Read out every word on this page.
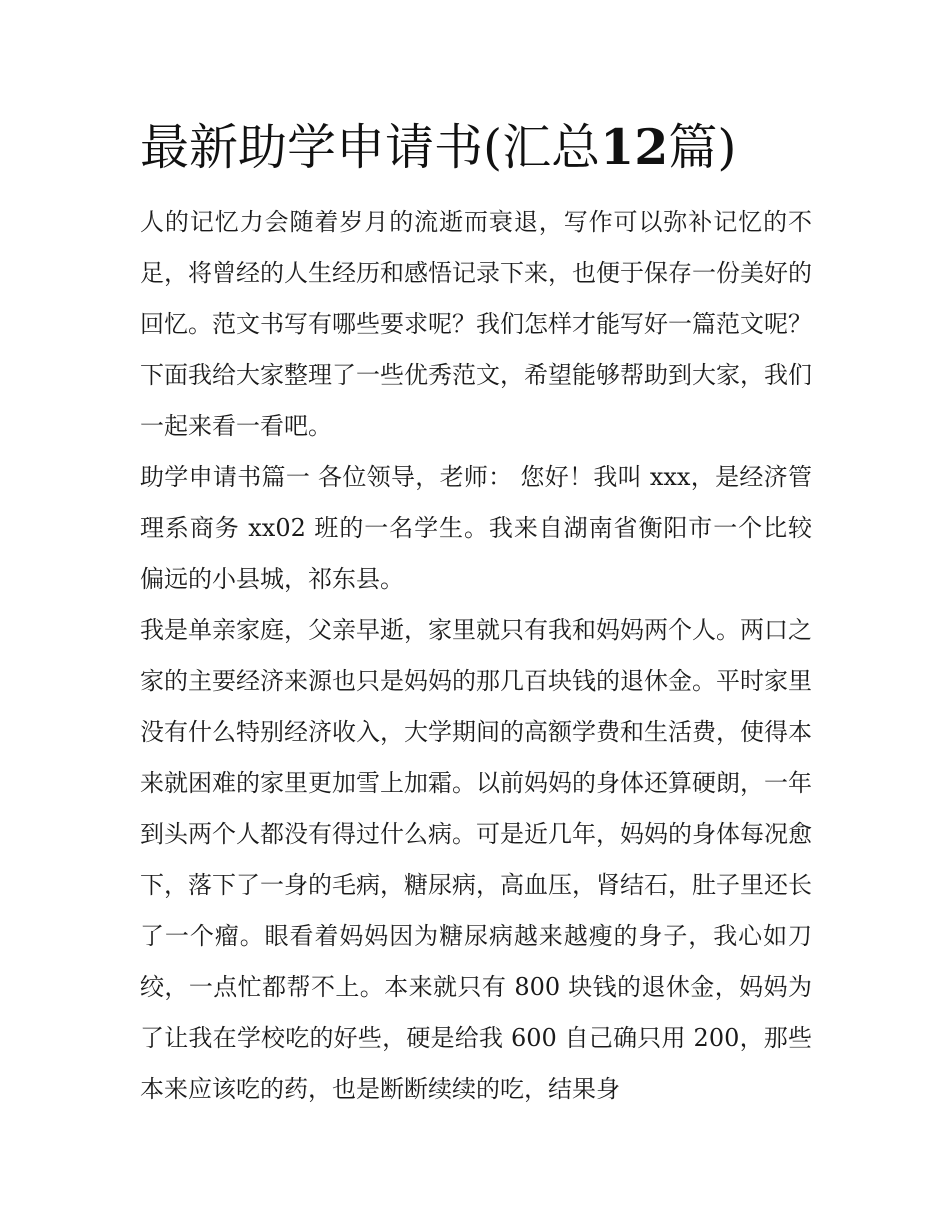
最新助学申请书(汇总12篇)

人的记忆力会随着岁月的流逝而衰退，写作可以弥补记忆的不足，将曾经的人生经历和感悟记录下来，也便于保存一份美好的回忆。范文书写有哪些要求呢？我们怎样才能写好一篇范文呢？下面我给大家整理了一些优秀范文，希望能够帮助到大家，我们一起来看一看吧。

助学申请书篇一 各位领导，老师： 您好！我叫 xxx，是经济管理系商务 xx02 班的一名学生。我来自湖南省衡阳市一个比较偏远的小县城，祁东县。

我是单亲家庭，父亲早逝，家里就只有我和妈妈两个人。两口之家的主要经济来源也只是妈妈的那几百块钱的退休金。平时家里没有什么特别经济收入，大学期间的高额学费和生活费，使得本来就困难的家里更加雪上加霜。以前妈妈的身体还算硬朗，一年到头两个人都没有得过什么病。可是近几年，妈妈的身体每况愈下，落下了一身的毛病，糖尿病，高血压，肾结石，肚子里还长了一个瘤。眼看着妈妈因为糖尿病越来越瘦的身子，我心如刀绞，一点忙都帮不上。本来就只有 800 块钱的退休金，妈妈为了让我在学校吃的好些，硬是给我 600 自己确只用 200，那些本来应该吃的药，也是断断续续的吃，结果身
